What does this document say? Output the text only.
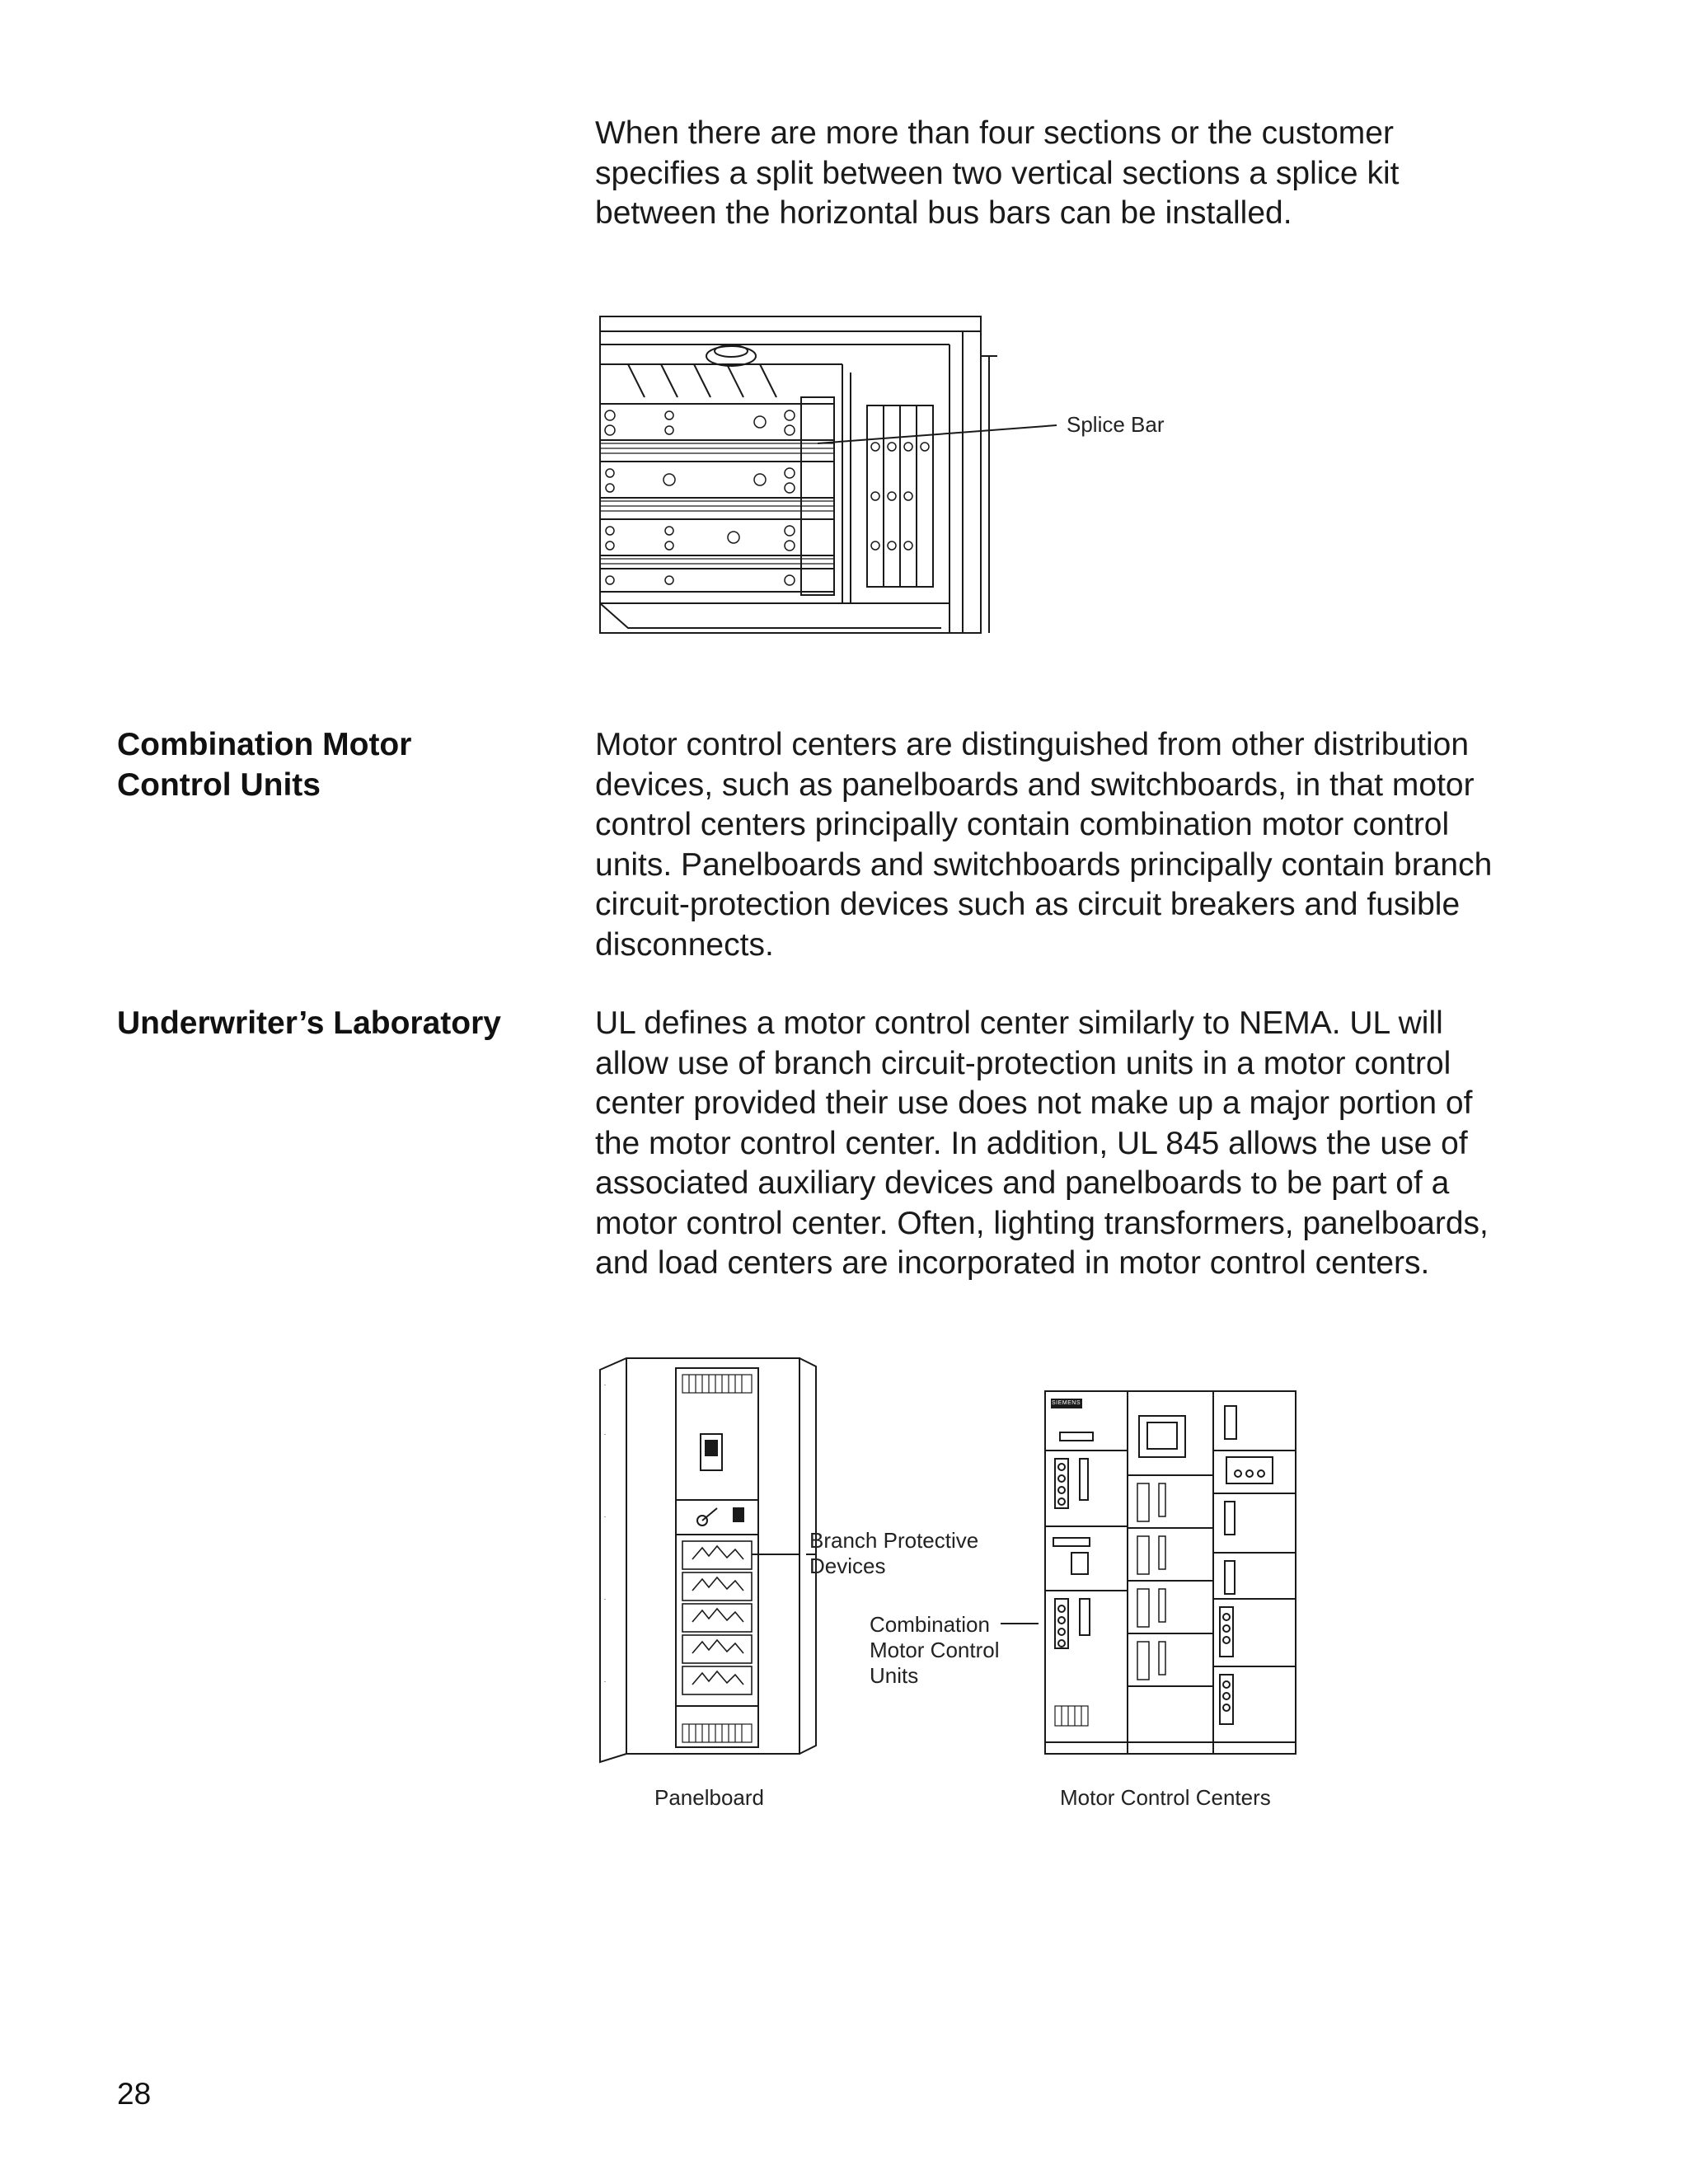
When there are more than four sections or the customer

specifies a split between two vertical sections a splice kit

between the horizontal bus bars can be installed.

Splice Bar
Combination Motor
Control Units

Motor control centers are distinguished from other distribution

devices, such as panelboards and switchboards, in that motor

control centers principally contain combination motor control

units. Panelboards and switchboards principally contain branch

circuit-protection devices such as circuit breakers and fusible

disconnects.

Underwriter’s Laboratory	UL defines a motor control center similarly to NEMA. UL will

allow use of branch circuit-protection units in a motor control

center provided their use does not make up a major portion of

the motor control center. In addition, UL 845 allows the use of

associated auxiliary devices and panelboards to be part of a

motor control center. Often, lighting transformers, panelboards,

and load centers are incorporated in motor control centers.

Branch Protective
Devices
Combination
Motor Control
Units
Panelboard	Motor Control Centers
SIEMENS
28
